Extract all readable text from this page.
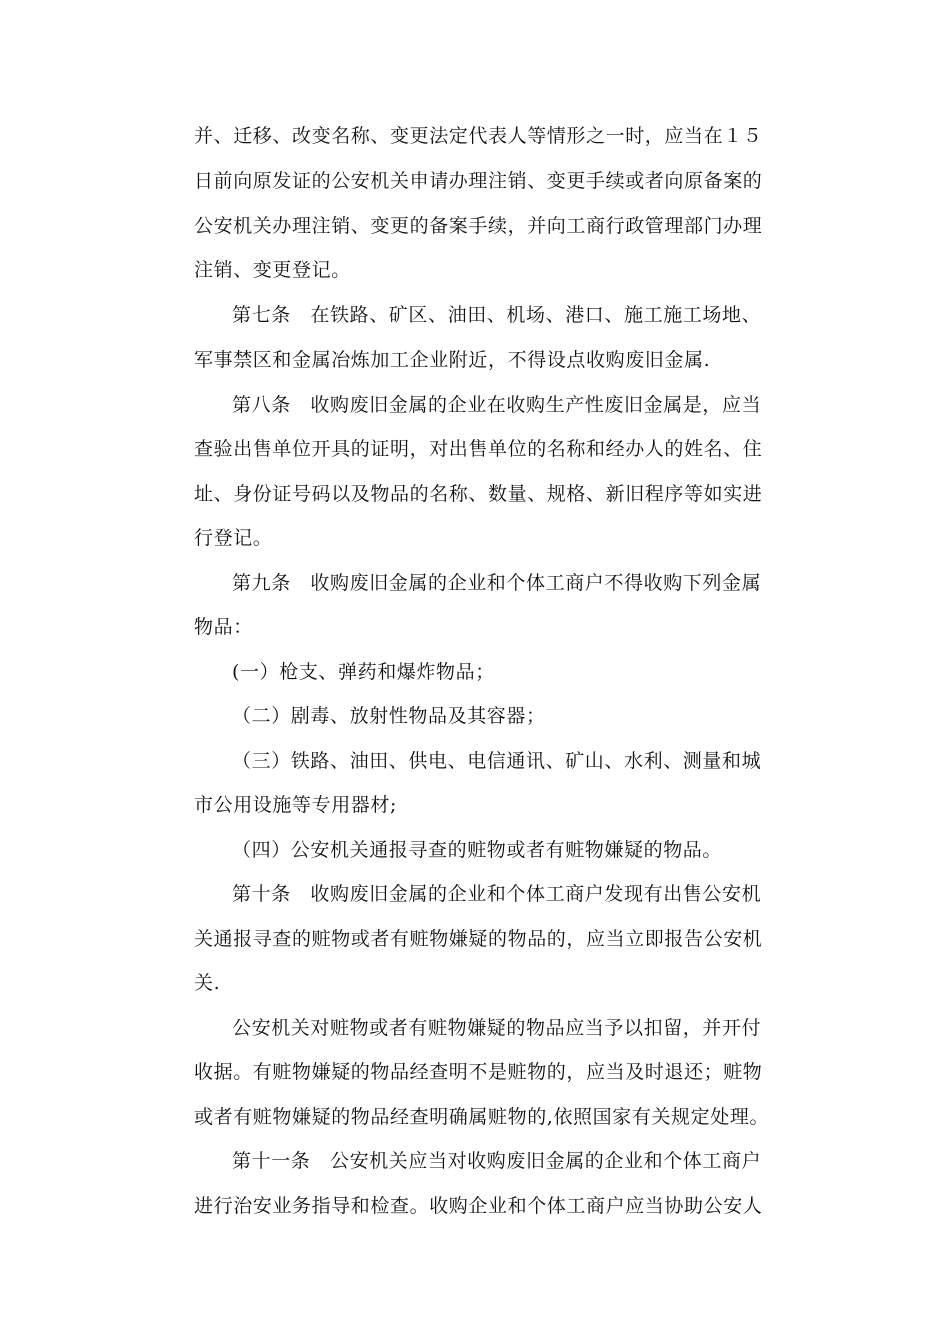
并、迁移、改变名称、变更法定代表人等情形之一时，应当在１５
日前向原发证的公安机关申请办理注销、变更手续或者向原备案的
公安机关办理注销、变更的备案手续，并向工商行政管理部门办理
注销、变更登记。
第七条　在铁路、矿区、油田、机场、港口、施工施工场地、
军事禁区和金属冶炼加工企业附近，不得设点收购废旧金属.
第八条　收购废旧金属的企业在收购生产性废旧金属是，应当
查验出售单位开具的证明，对出售单位的名称和经办人的姓名、住
址、身份证号码以及物品的名称、数量、规格、新旧程序等如实进
行登记。
第九条　收购废旧金属的企业和个体工商户不得收购下列金属
物品：
(一）枪支、弹药和爆炸物品；
（二）剧毒、放射性物品及其容器；
（三）铁路、油田、供电、电信通讯、矿山、水利、测量和城
市公用设施等专用器材;
（四）公安机关通报寻查的赃物或者有赃物嫌疑的物品。
第十条　收购废旧金属的企业和个体工商户发现有出售公安机
关通报寻查的赃物或者有赃物嫌疑的物品的，应当立即报告公安机
关.
公安机关对赃物或者有赃物嫌疑的物品应当予以扣留，并开付
收据。有赃物嫌疑的物品经查明不是赃物的，应当及时退还；赃物
或者有赃物嫌疑的物品经查明确属赃物的,依照国家有关规定处理。
第十一条　公安机关应当对收购废旧金属的企业和个体工商户
进行治安业务指导和检查。收购企业和个体工商户应当协助公安人
